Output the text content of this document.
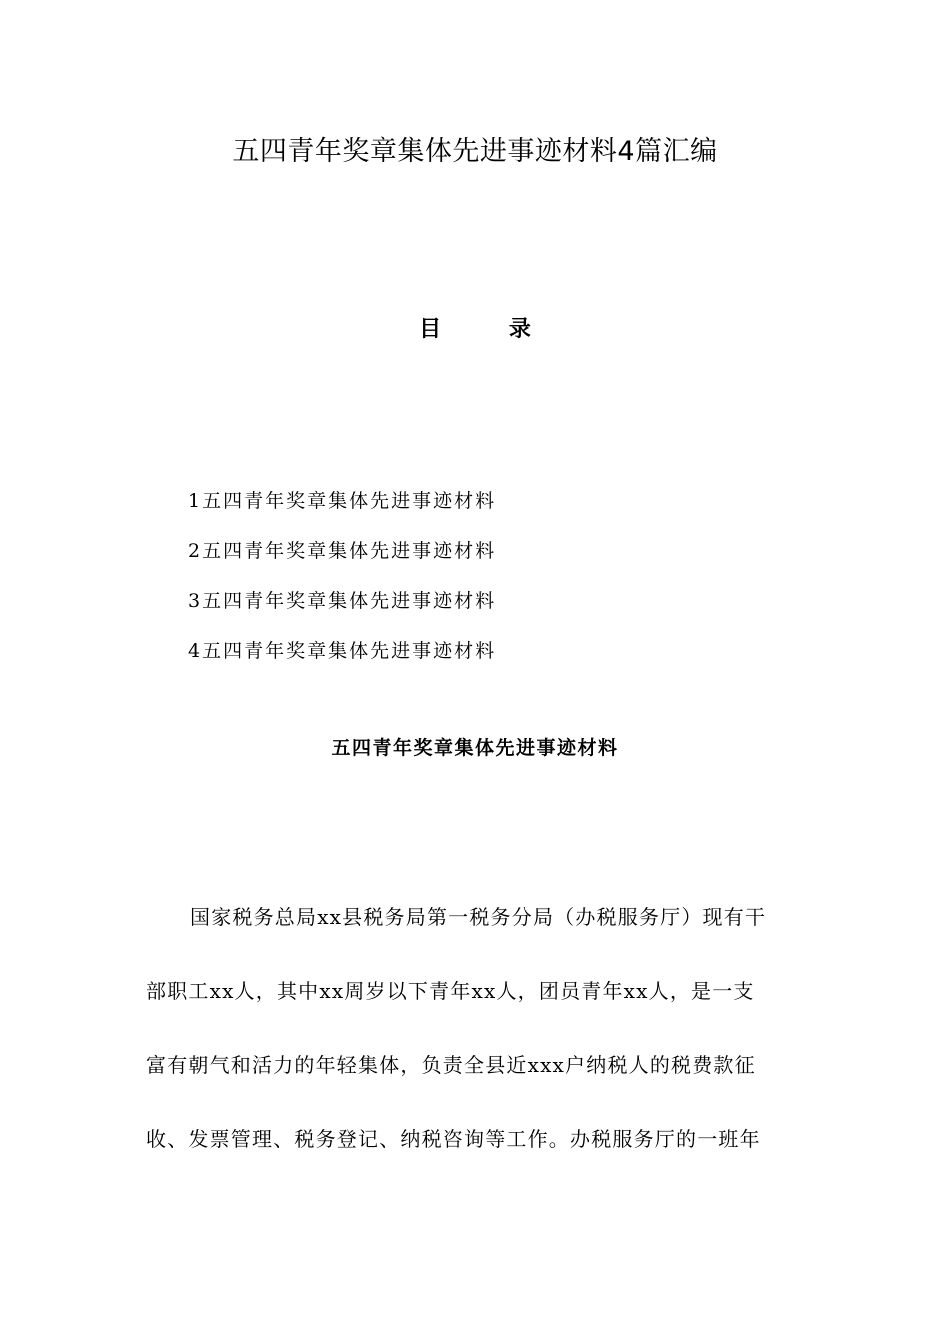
五四青年奖章集体先进事迹材料4篇汇编
目 录
1五四青年奖章集体先进事迹材料
2五四青年奖章集体先进事迹材料
3五四青年奖章集体先进事迹材料
4五四青年奖章集体先进事迹材料
五四青年奖章集体先进事迹材料
国家税务总局xx县税务局第一税务分局（办税服务厅）现有干
部职工xx人，其中xx周岁以下青年xx人，团员青年xx人，是一支
富有朝气和活力的年轻集体，负责全县近xxx户纳税人的税费款征
收、发票管理、税务登记、纳税咨询等工作。办税服务厅的一班年
